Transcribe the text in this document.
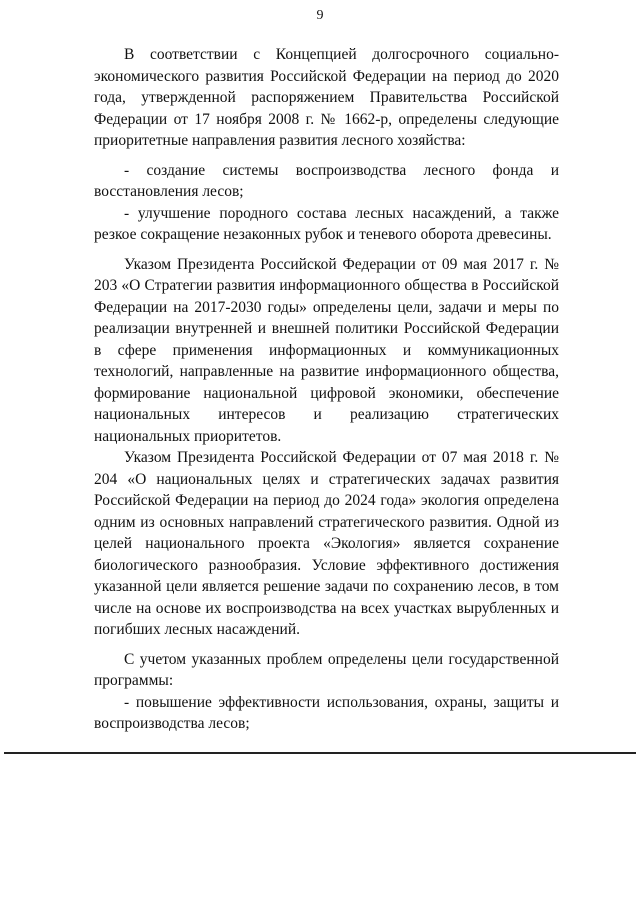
9

В соответствии с Концепцией долгосрочного социально-экономического развития Российской Федерации на период до 2020 года, утвержденной распоряжением Правительства Российской Федерации от 17 ноября 2008 г. № 1662-р, определены следующие приоритетные направления развития лесного хозяйства:

- создание системы воспроизводства лесного фонда и восстановления лесов;

- улучшение породного состава лесных насаждений, а также резкое сокращение незаконных рубок и теневого оборота древесины.

Указом Президента Российской Федерации от 09 мая 2017 г. № 203 «О Стратегии развития информационного общества в Российской Федерации на 2017-2030 годы» определены цели, задачи и меры по реализации внутренней и внешней политики Российской Федерации в сфере применения информационных и коммуникационных технологий, направленные на развитие информационного общества, формирование национальной цифровой экономики, обеспечение национальных интересов и реализацию стратегических национальных приоритетов.

Указом Президента Российской Федерации от 07 мая 2018 г. № 204 «О национальных целях и стратегических задачах развития Российской Федерации на период до 2024 года» экология определена одним из основных направлений стратегического развития. Одной из целей национального проекта «Экология» является сохранение биологического разнообразия. Условие эффективного достижения указанной цели является решение задачи по сохранению лесов, в том числе на основе их воспроизводства на всех участках вырубленных и погибших лесных насаждений.

С учетом указанных проблем определены цели государственной программы:

- повышение эффективности использования, охраны, защиты и воспроизводства лесов;
